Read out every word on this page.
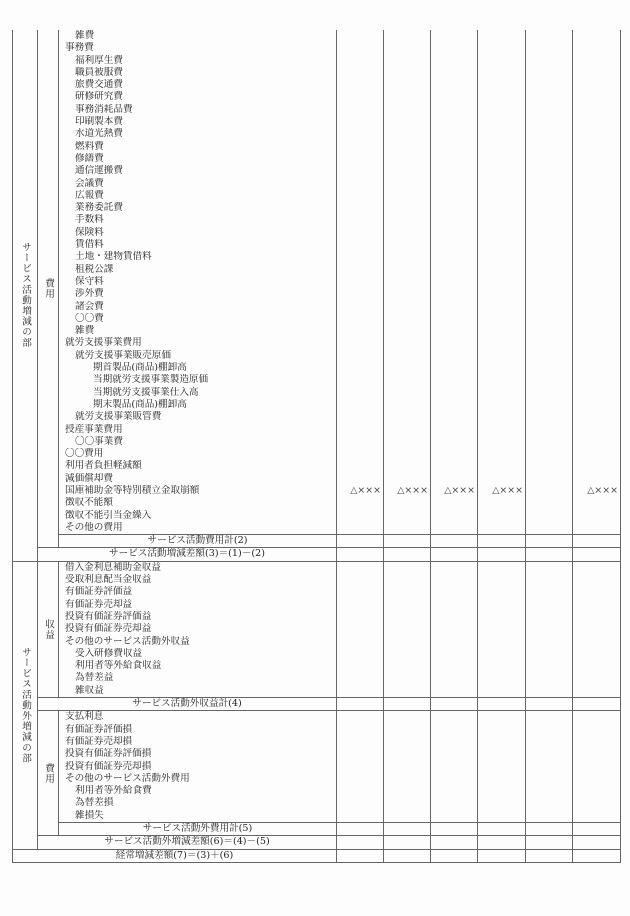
サービス活動増減の部	費用	雑費						
		事務費						
		福利厚生費						
		職員被服費						
		旅費交通費						
		研修研究費						
		事務消耗品費						
		印刷製本費						
		水道光熱費						
		燃料費						
		修繕費						
		通信運搬費						
		会議費						
		広報費						
		業務委託費						
		手数料						
		保険料						
		賃借料						
		土地・建物賃借料						
		租税公課						
		保守料						
		渉外費						
		諸会費						
		〇〇費						
		雑費						
		就労支援事業費用						
		就労支援事業販売原価						
		期首製品(商品)棚卸高						
		当期就労支援事業製造原価						
		当期就労支援事業仕入高						
		期末製品(商品)棚卸高						
		就労支援事業販管費						
		授産事業費用						
		〇〇事業費						
		〇〇費用						
		利用者負担軽減額						
		減価償却費						
		国庫補助金等特別積立金取崩額	△×××	△×××	△×××	△×××		△×××
		徴収不能額						
		徴収不能引当金繰入						
		その他の費用						
		サービス活動費用計(2)						
	サービス活動増減差額(3)＝(1)－(2)							
サービス活動外増減の部	収益	借入金利息補助金収益						
		受取利息配当金収益						
		有価証券評価益						
		有価証券売却益						
		投資有価証券評価益						
		投資有価証券売却益						
		その他のサービス活動外収益						
		受入研修費収益						
		利用者等外給食収益						
		為替差益						
		雑収益						
	サービス活動外収益計(4)							
	費用	支払利息						
		有価証券評価損						
		有価証券売却損						
		投資有価証券評価損						
		投資有価証券売却損						
		その他のサービス活動外費用						
		利用者等外給食費						
		為替差損						
		雑損失						
		サービス活動外費用計(5)						
	サービス活動外増減差額(6)＝(4)－(5)							
経常増減差額(7)＝(3)＋(6)								
